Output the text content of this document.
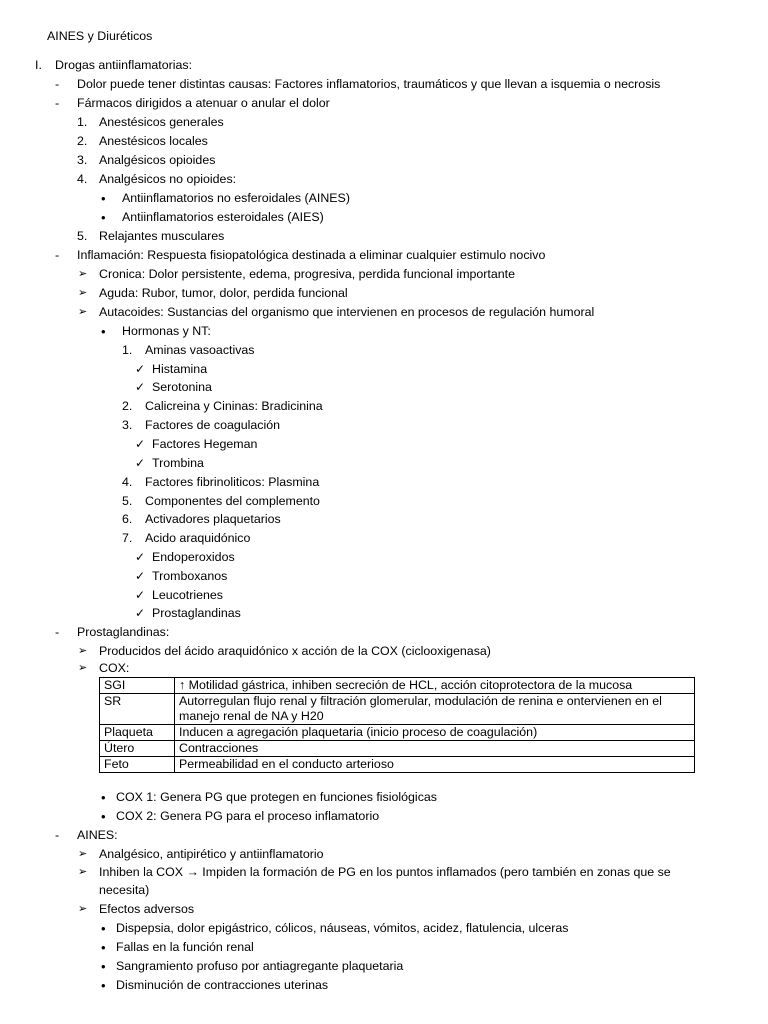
AINES y Diuréticos
I. Drogas antiinflamatorias:
- Dolor puede tener distintas causas: Factores inflamatorios, traumáticos y que llevan a isquemia o necrosis
- Fármacos dirigidos a atenuar o anular el dolor
1. Anestésicos generales
2. Anestésicos locales
3. Analgésicos opioides
4. Analgésicos no opioides:
• Antiinflamatorios no esferoidales (AINES)
• Antiinflamatorios esteroidales (AIES)
5. Relajantes musculares
- Inflamación: Respuesta fisiopatológica destinada a eliminar cualquier estimulo nocivo
➢ Cronica: Dolor persistente, edema, progresiva, perdida funcional importante
➢ Aguda: Rubor, tumor, dolor, perdida funcional
➢ Autacoides: Sustancias del organismo que intervienen en procesos de regulación humoral
• Hormonas y NT:
1. Aminas vasoactivas
✓ Histamina
✓ Serotonina
2. Calicreina y Cininas: Bradicinina
3. Factores de coagulación
✓ Factores Hegeman
✓ Trombina
4. Factores fibrinoliticos: Plasmina
5. Componentes del complemento
6. Activadores plaquetarios
7. Acido araquidónico
✓ Endoperoxidos
✓ Tromboxanos
✓ Leucotrienes
✓ Prostaglandinas
- Prostaglandinas:
➢ Producidos del ácido araquidónico x acción de la COX (ciclooxigenasa)
➢ COX:
• COX 1: Genera PG que protegen en funciones fisiológicas
• COX 2: Genera PG para el proceso inflamatorio
- AINES:
➢ Analgésico, antipirético y antiinflamatorio
➢ Inhiben la COX → Impiden la formación de PG en los puntos inflamados (pero también en zonas que se
necesita)
➢ Efectos adversos
• Dispepsia, dolor epigástrico, cólicos, náuseas, vómitos, acidez, flatulencia, ulceras
• Fallas en la función renal
• Sangramiento profuso por antiagregante plaquetaria
• Disminución de contracciones uterinas
SGI	↑ Motilidad gástrica, inhiben secreción de HCL, acción citoprotectora de la mucosa
SR	Autorregulan flujo renal y filtración glomerular, modulación de renina e ontervienen en el manejo renal de NA y H20
Plaqueta	Inducen a agregación plaquetaria (inicio proceso de coagulación)
Útero	Contracciones
Feto	Permeabilidad en el conducto arterioso
